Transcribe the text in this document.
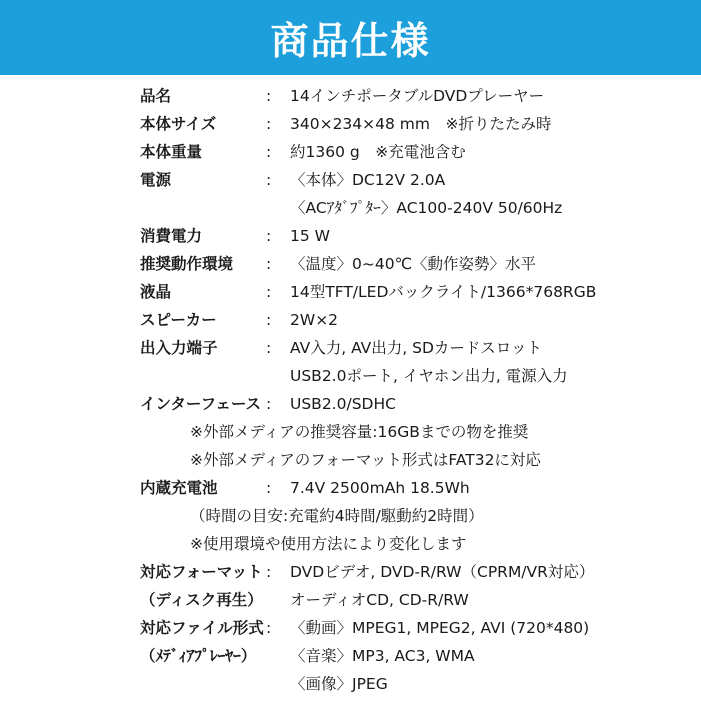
商品仕様
品名	: 14インチポータブルDVDプレーヤー
本体サイズ	: 340×234×48 mm　※折りたたみ時
本体重量	: 約1360 g　※充電池含む
電源	: 〈本体〉DC12V 2.0A
〈ACｱﾀﾞﾌﾟﾀｰ〉AC100-240V 50/60Hz
消費電力	: 15 W
推奨動作環境 : 〈温度〉0~40℃〈動作姿勢〉水平
液晶	: 14型TFT/LEDバックライト/1366*768RGB
スピーカー	: 2W×2
出入力端子	: AV入力, AV出力, SDカードスロット
USB2.0ポート, イヤホン出力, 電源入力
インターフェース : USB2.0/SDHC
※外部メディアの推奨容量:16GBまでの物を推奨
※外部メディアのフォーマット形式はFAT32に対応
内蔵充電池	: 7.4V 2500mAh 18.5Wh
（時間の目安:充電約4時間/駆動約2時間）
※使用環境や使用方法により変化します
対応フォーマット : DVDビデオ, DVD-R/RW（CPRM/VR対応）
（ディスク再生） オーディオCD, CD-R/RW
対応ファイル形式 : 〈動画〉MPEG1, MPEG2, AVI (720*480)
（ﾒﾃﾞｨｱﾌﾟﾚｰﾔｰ） 〈音楽〉MP3, AC3, WMA
〈画像〉JPEG
